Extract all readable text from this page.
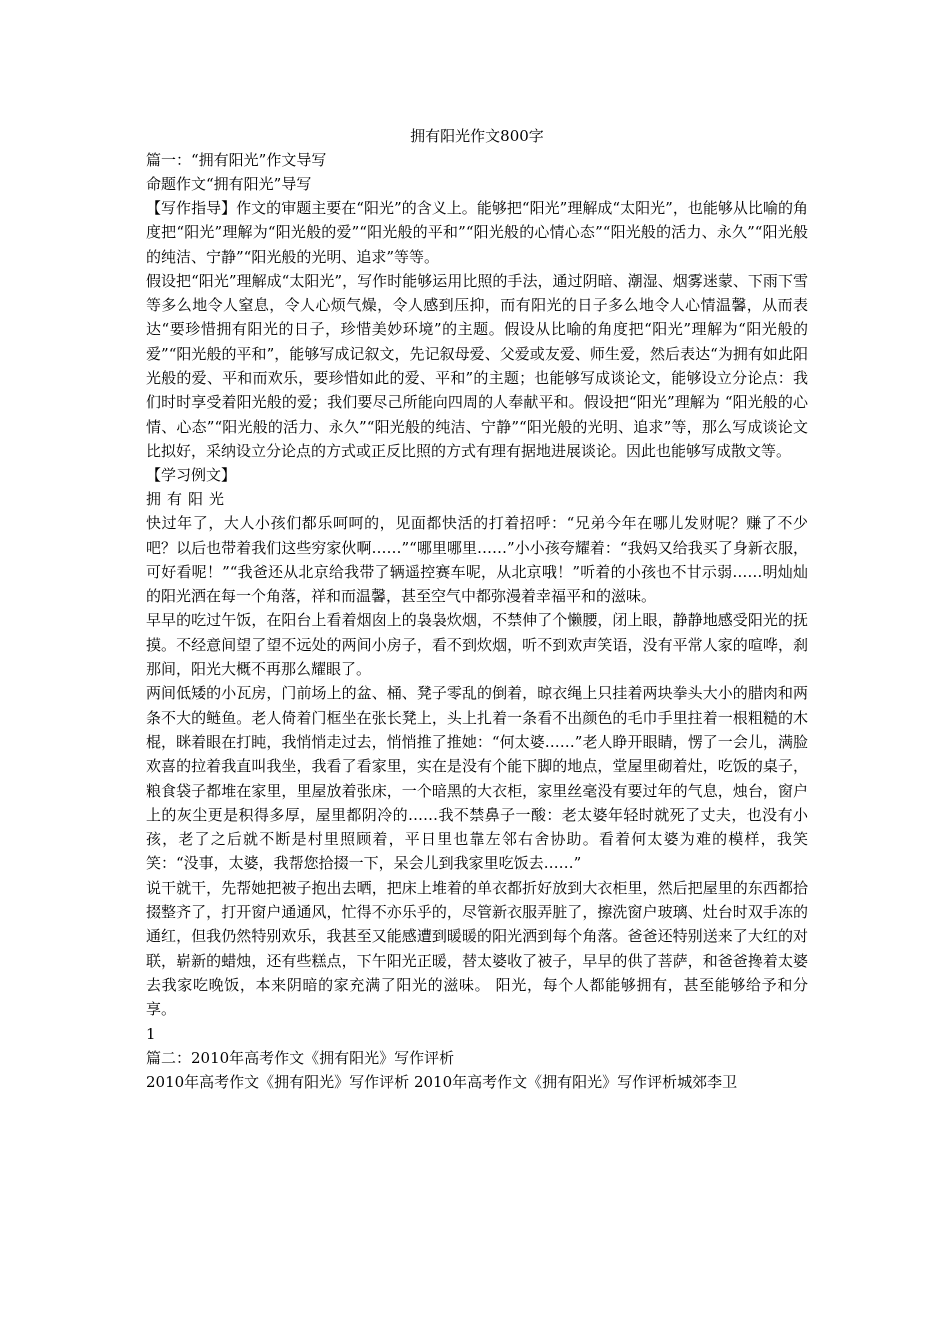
拥有阳光作文800字

篇一：“拥有阳光”作文导写

命题作文“拥有阳光”导写

【写作指导】作文的审题主要在“阳光”的含义上。能够把“阳光”理解成“太阳光”，也能够从比喻的角度把“阳光”理解为“阳光般的爱”“阳光般的平和”“阳光般的心情心态”“阳光般的活力、永久”“阳光般的纯洁、宁静”“阳光般的光明、追求”等等。

假设把“阳光”理解成“太阳光”，写作时能够运用比照的手法，通过阴暗、潮湿、烟雾迷蒙、下雨下雪等多么地令人窒息，令人心烦气燥，令人感到压抑，而有阳光的日子多么地令人心情温馨，从而表达“要珍惜拥有阳光的日子，珍惜美妙环境”的主题。假设从比喻的角度把“阳光”理解为“阳光般的爱”“阳光般的平和”，能够写成记叙文，先记叙母爱、父爱或友爱、师生爱，然后表达“为拥有如此阳光般的爱、平和而欢乐，要珍惜如此的爱、平和”的主题；也能够写成谈论文，能够设立分论点：我们时时享受着阳光般的爱；我们要尽己所能向四周的人奉献平和。假设把“阳光”理解为 “阳光般的心情、心态”“阳光般的活力、永久”“阳光般的纯洁、宁静”“阳光般的光明、追求”等，那么写成谈论文比拟好，采纳设立分论点的方式或正反比照的方式有理有据地进展谈论。因此也能够写成散文等。

【学习例文】

拥有阳光

快过年了，大人小孩们都乐呵呵的，见面都快活的打着招呼：“兄弟今年在哪儿发财呢？赚了不少吧？以后也带着我们这些穷家伙啊……”“哪里哪里……”小小孩夸耀着：“我妈又给我买了身新衣服，可好看呢！”“我爸还从北京给我带了辆遥控赛车呢，从北京哦！”听着的小孩也不甘示弱……明灿灿的阳光洒在每一个角落，祥和而温馨，甚至空气中都弥漫着幸福平和的滋味。

早早的吃过午饭，在阳台上看着烟囱上的袅袅炊烟，不禁伸了个懒腰，闭上眼，静静地感受阳光的抚摸。不经意间望了望不远处的两间小房子，看不到炊烟，听不到欢声笑语，没有平常人家的喧哗，刹那间，阳光大概不再那么耀眼了。

两间低矮的小瓦房，门前场上的盆、桶、凳子零乱的倒着，晾衣绳上只挂着两块拳头大小的腊肉和两条不大的鲢鱼。老人倚着门框坐在张长凳上，头上扎着一条看不出颜色的毛巾手里拄着一根粗糙的木棍，眯着眼在打盹，我悄悄走过去，悄悄推了推她：“何太婆……”老人睁开眼睛，愣了一会儿，满脸欢喜的拉着我直叫我坐，我看了看家里，实在是没有个能下脚的地点，堂屋里砌着灶，吃饭的桌子，粮食袋子都堆在家里，里屋放着张床，一个暗黑的大衣柜，家里丝毫没有要过年的气息，烛台，窗户上的灰尘更是积得多厚，屋里都阴冷的……我不禁鼻子一酸：老太婆年轻时就死了丈夫，也没有小孩，老了之后就不断是村里照顾着，平日里也靠左邻右舍协助。看着何太婆为难的模样，我笑笑：“没事，太婆，我帮您拾掇一下，呆会儿到我家里吃饭去……”

说干就干，先帮她把被子抱出去晒，把床上堆着的单衣都折好放到大衣柜里，然后把屋里的东西都拾掇整齐了，打开窗户通通风，忙得不亦乐乎的，尽管新衣服弄脏了，擦洗窗户玻璃、灶台时双手冻的通红，但我仍然特别欢乐，我甚至又能感遭到暖暖的阳光洒到每个角落。爸爸还特别送来了大红的对联，崭新的蜡烛，还有些糕点，下午阳光正暖，替太婆收了被子，早早的供了菩萨，和爸爸搀着太婆去我家吃晚饭，本来阴暗的家充满了阳光的滋味。 阳光，每个人都能够拥有，甚至能够给予和分享。

1

篇二：2010年高考作文《拥有阳光》写作评析

2010年高考作文《拥有阳光》写作评析 2010年高考作文《拥有阳光》写作评析城郊李卫
